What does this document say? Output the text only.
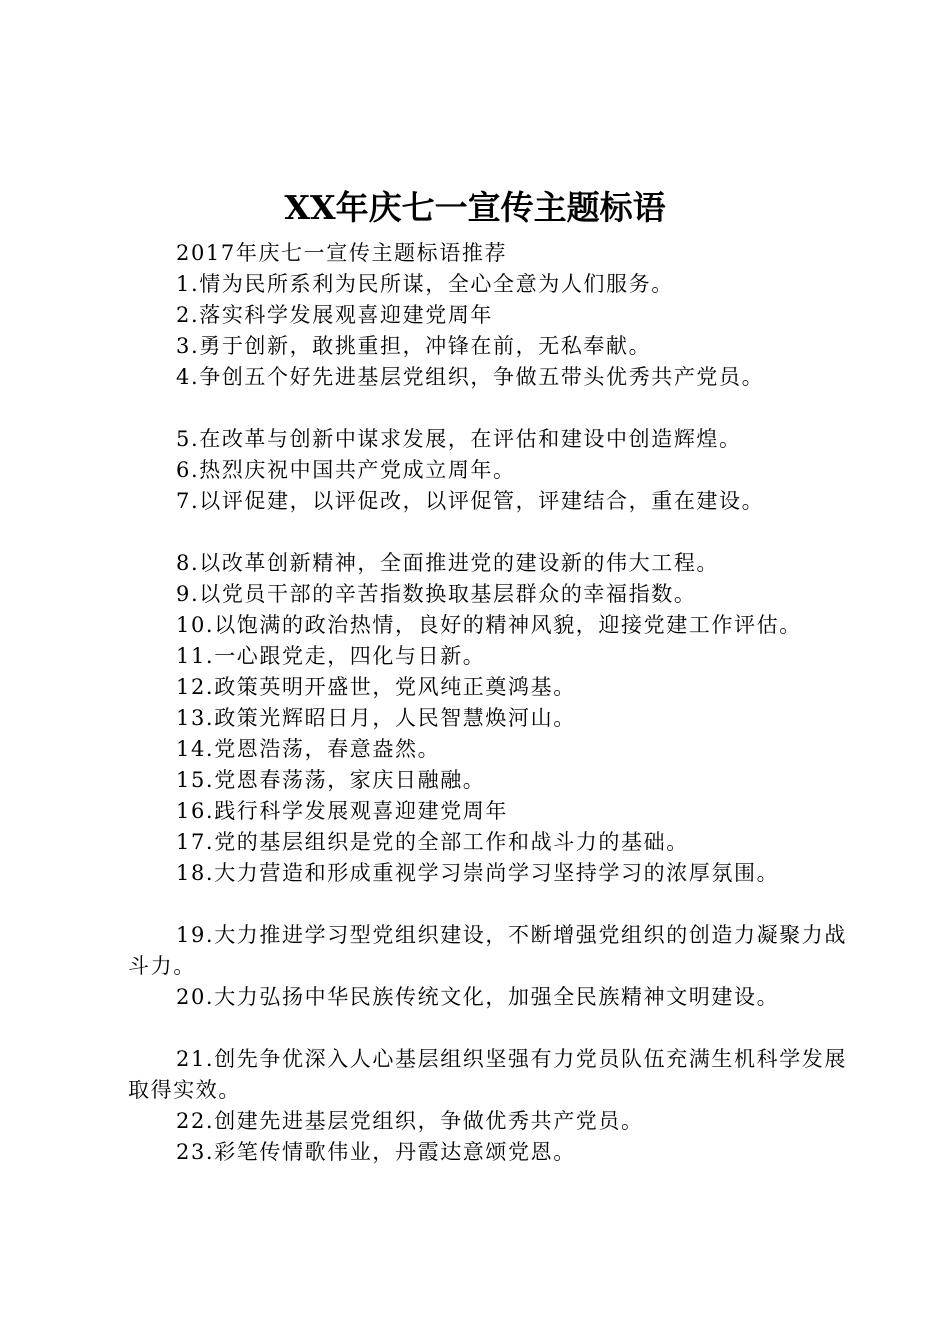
XX年庆七一宣传主题标语

2017年庆七一宣传主题标语推荐

1.情为民所系利为民所谋，全心全意为人们服务。

2.落实科学发展观喜迎建党周年

3.勇于创新，敢挑重担，冲锋在前，无私奉献。

4.争创五个好先进基层党组织，争做五带头优秀共产党员。

5.在改革与创新中谋求发展，在评估和建设中创造辉煌。

6.热烈庆祝中国共产党成立周年。

7.以评促建，以评促改，以评促管，评建结合，重在建设。

8.以改革创新精神，全面推进党的建设新的伟大工程。

9.以党员干部的辛苦指数换取基层群众的幸福指数。

10.以饱满的政治热情，良好的精神风貌，迎接党建工作评估。

11.一心跟党走，四化与日新。

12.政策英明开盛世，党风纯正奠鸿基。

13.政策光辉昭日月，人民智慧焕河山。

14.党恩浩荡，春意盎然。

15.党恩春荡荡，家庆日融融。

16.践行科学发展观喜迎建党周年

17.党的基层组织是党的全部工作和战斗力的基础。

18.大力营造和形成重视学习崇尚学习坚持学习的浓厚氛围。

19.大力推进学习型党组织建设，不断增强党组织的创造力凝聚力战斗力。

20.大力弘扬中华民族传统文化，加强全民族精神文明建设。

21.创先争优深入人心基层组织坚强有力党员队伍充满生机科学发展取得实效。

22.创建先进基层党组织，争做优秀共产党员。

23.彩笔传情歌伟业，丹霞达意颂党恩。
